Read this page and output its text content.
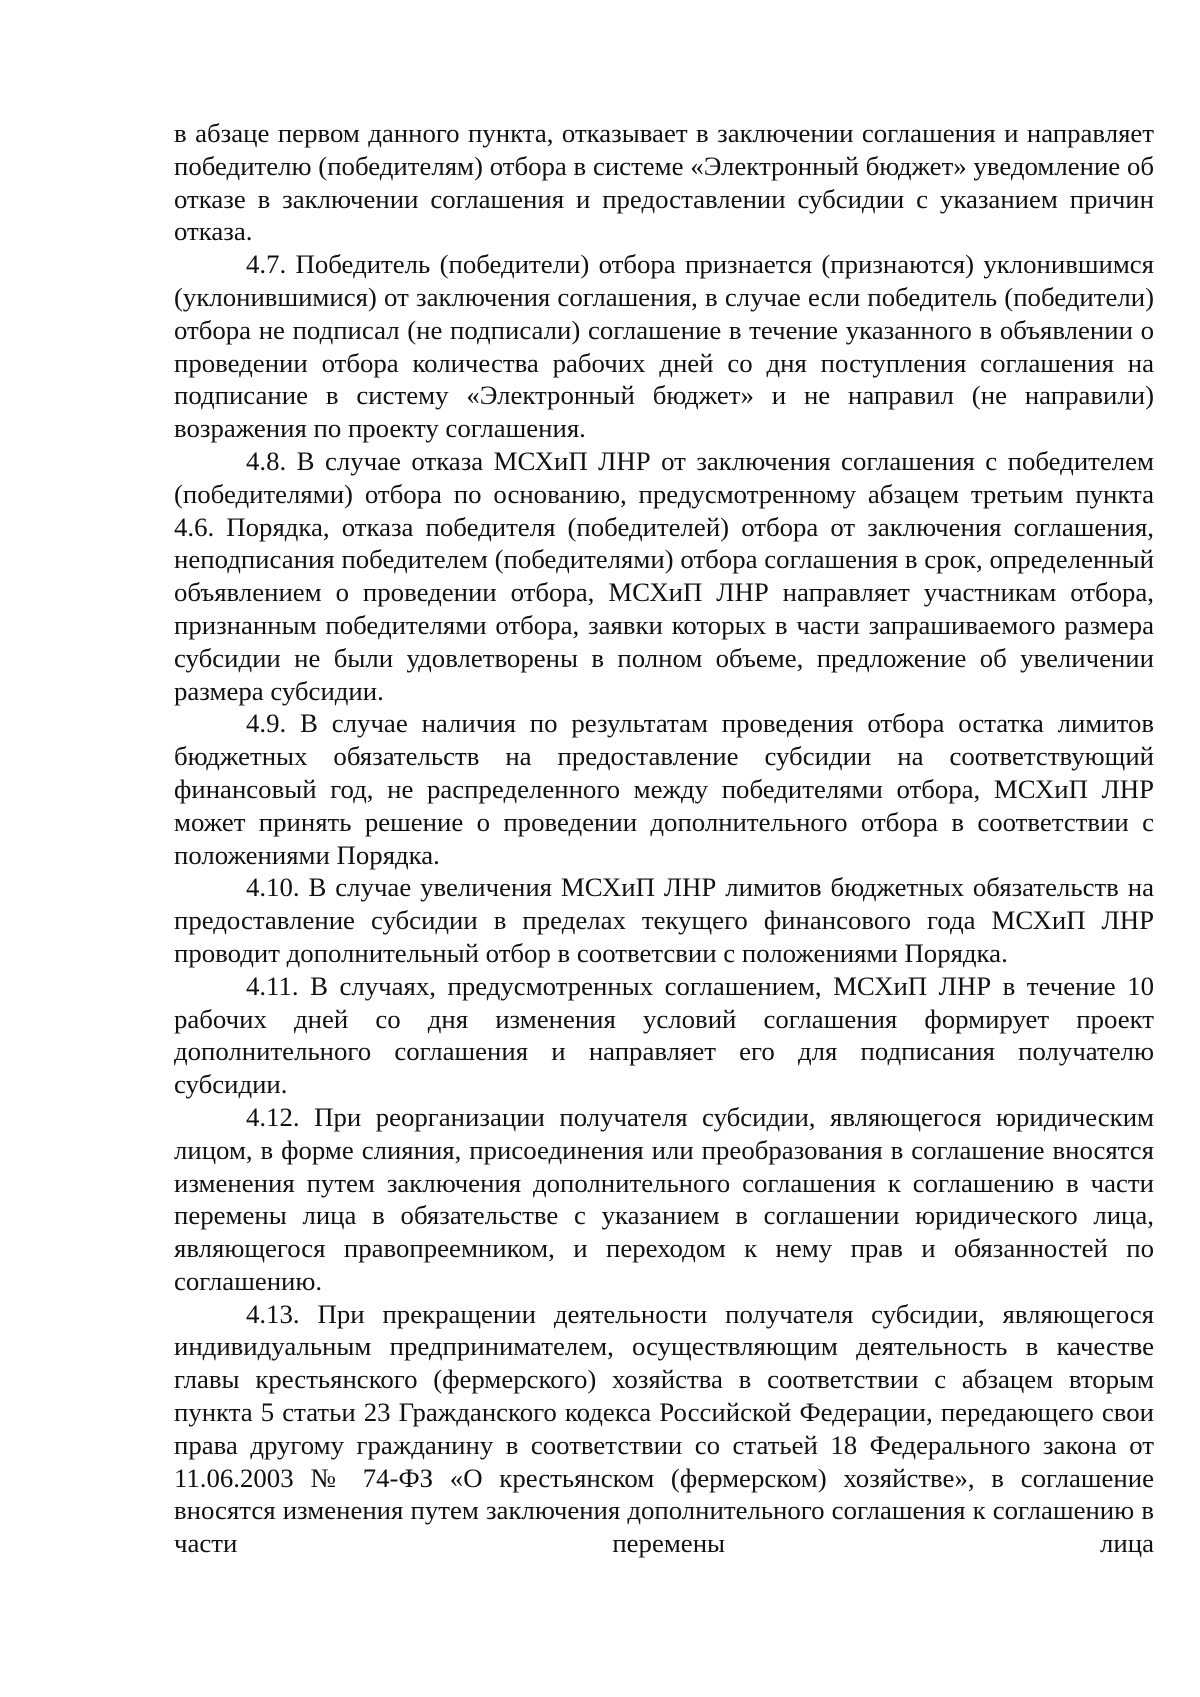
в абзаце первом данного пункта, отказывает в заключении соглашения и направляет победителю (победителям) отбора в системе «Электронный бюджет» уведомление об отказе в заключении соглашения и предоставлении субсидии с указанием причин отказа.

4.7. Победитель (победители) отбора признается (признаются) уклонившимся (уклонившимися) от заключения соглашения, в случае если победитель (победители) отбора не подписал (не подписали) соглашение в течение указанного в объявлении о проведении отбора количества рабочих дней со дня поступления соглашения на подписание в систему «Электронный бюджет» и не направил (не направили) возражения по проекту соглашения.

4.8. В случае отказа МСХиП ЛНР от заключения соглашения с победителем (победителями) отбора по основанию, предусмотренному абзацем третьим пункта 4.6. Порядка, отказа победителя (победителей) отбора от заключения соглашения, неподписания победителем (победителями) отбора соглашения в срок, определенный объявлением о проведении отбора, МСХиП ЛНР направляет участникам отбора, признанным победителями отбора, заявки которых в части запрашиваемого размера субсидии не были удовлетворены в полном объеме, предложение об увеличении размера субсидии.

4.9. В случае наличия по результатам проведения отбора остатка лимитов бюджетных обязательств на предоставление субсидии на соответствующий финансовый год, не распределенного между победителями отбора, МСХиП ЛНР может принять решение о проведении дополнительного отбора в соответствии с положениями Порядка.

4.10. В случае увеличения МСХиП ЛНР лимитов бюджетных обязательств на предоставление субсидии в пределах текущего финансового года МСХиП ЛНР проводит дополнительный отбор в соответсвии с положениями Порядка.

4.11. В случаях, предусмотренных соглашением, МСХиП ЛНР в течение 10 рабочих дней со дня изменения условий соглашения формирует проект дополнительного соглашения и направляет его для подписания получателю субсидии.

4.12. При реорганизации получателя субсидии, являющегося юридическим лицом, в форме слияния, присоединения или преобразования в соглашение вносятся изменения путем заключения дополнительного соглашения к соглашению в части перемены лица в обязательстве с указанием в соглашении юридического лица, являющегося правопреемником, и переходом к нему прав и обязанностей по соглашению.

4.13. При прекращении деятельности получателя субсидии, являющегося индивидуальным предпринимателем, осуществляющим деятельность в качестве главы крестьянского (фермерского) хозяйства в соответствии с абзацем вторым пункта 5 статьи 23 Гражданского кодекса Российской Федерации, передающего свои права другому гражданину в соответствии со статьей 18 Федерального закона от 11.06.2003 № 74-ФЗ «О крестьянском (фермерском) хозяйстве», в соглашение вносятся изменения путем заключения дополнительного соглашения к соглашению в части перемены лица
